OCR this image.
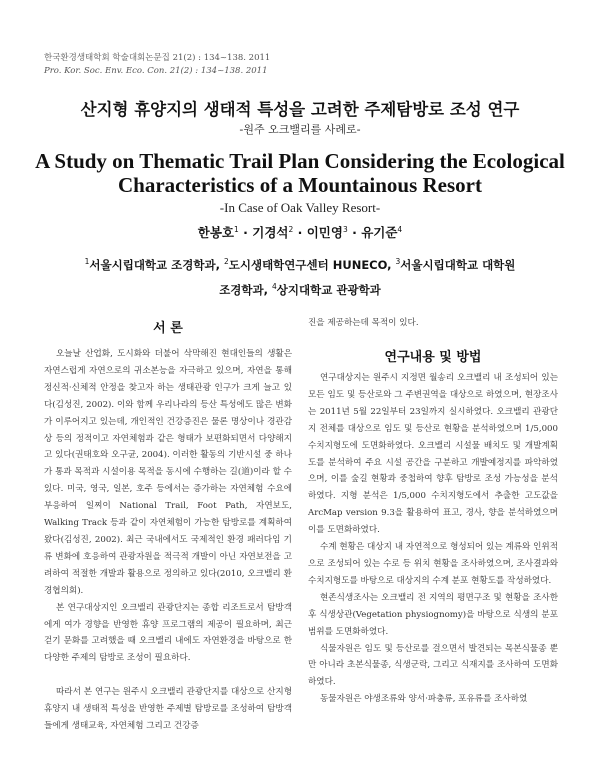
한국환경생태학회 학술대회논문집 21(2) : 134~138. 2011
Pro. Kor. Soc. Env. Eco. Con. 21(2) : 134~138. 2011
산지형 휴양지의 생태적 특성을 고려한 주제탐방로 조성 연구
-원주 오크밸리를 사례로-
A Study on Thematic Trail Plan Considering the Ecological
Characteristics of a Mountainous Resort
-In Case of Oak Valley Resort-
한봉호$^1$ · 기경석$^2$ · 이민영$^3$ · 유기준$^4$
$^1$서울시립대학교 조경학과, $^2$도시생태학연구센터 HUNECO, $^3$서울시립대학교 대학원
조경학과, $^4$상지대학교 관광학과
서 론

오늘날 산업화, 도시화와 더불어 삭막해진 현대인들의 생활은 자연스럽게 자연으로의 귀소본능을 자극하고 있으며, 자연을 통해 정신적·신체적 안정을 찾고자 하는 생태관광 인구가 크게 늘고 있다(김성진, 2002). 이와 함께 우리나라의 등산 특성에도 많은 변화가 이루어지고 있는데, 개인적인 건강증진은 물론 명상이나 경관감상 등의 정적이고 자연체험과 같은 형태가 보편화되면서 다양해지고 있다(권태호와 오구균, 2004). 이러한 활동의 기반시설 중 하나가 통과 목적과 시설이용 목적을 동시에 수행하는 길(道)이라 할 수 있다. 미국, 영국, 일본, 호주 등에서는 증가하는 자연체험 수요에 부응하여 일찌이 National Trail, Foot Path, 자연보도, Walking Track 등과 같이 자연체험이 가능한 탐방로를 계획하여 왔다(김성진, 2002). 최근 국내에서도 국제적인 환경 패러다임 기류 변화에 호응하여 관광자원을 적극적 개발이 아닌 자연보전을 고려하여 적절한 개발과 활용으로 정의하고 있다(2010, 오크밸리 환경협의회).

본 연구대상지인 오크밸리 관광단지는 종합 리조트로서 탐방객에게 여가 경향을 반영한 휴양 프로그램의 제공이 필요하며, 최근 걷기 문화를 고려했을 때 오크밸리 내에도 자연환경을 바탕으로 한 다양한 주제의 탐방로 조성이 필요하다.

따라서 본 연구는 원주시 오크밸리 관광단지를 대상으로 산지형 휴양지 내 생태적 특성을 반영한 주제별 탐방로를 조성하여 탐방객들에게 생태교육, 자연체험 그리고 건강증

진을 제공하는데 목적이 있다.

연구내용 및 방법

연구대상지는 원주시 지정면 월송리 오크밸리 내 조성되어 있는 모든 임도 및 등산로와 그 주변권역을 대상으로 하였으며, 현장조사는 2011년 5월 22일부터 23일까지 실시하였다. 오크밸리 관광단지 전체를 대상으로 임도 및 등산로 현황을 분석하였으며 1/5,000 수치지형도에 도면화하였다. 오크밸리 시설물 배치도 및 개발계획도를 분석하여 주요 시설 공간을 구분하고 개발예정지를 파악하였으며, 이를 숲길 현황과 중첩하여 향후 탐방로 조성 가능성을 분석하였다. 지형 분석은 1/5,000 수치지형도에서 추출한 고도값을 ArcMap version 9.3을 활용하여 표고, 경사, 향을 분석하였으며 이를 도면화하였다.

수계 현황은 대상지 내 자연적으로 형성되어 있는 계류와 인위적으로 조성되어 있는 수로 등 위치 현황을 조사하였으며, 조사결과와 수치지형도를 바탕으로 대상지의 수계 분포 현황도를 작성하였다.

현존식생조사는 오크밸리 전 지역의 평면구조 및 현황을 조사한 후 식생상관(Vegetation physiognomy)을 바탕으로 식생의 분포범위를 도면화하였다.

식물자원은 임도 및 등산로를 걸으면서 발견되는 목본식물종 뿐만 아니라 초본식물종, 식생군락, 그리고 식재지를 조사하여 도면화하였다.

동물자원은 야생조류와 양서·파충류, 포유류를 조사하였
